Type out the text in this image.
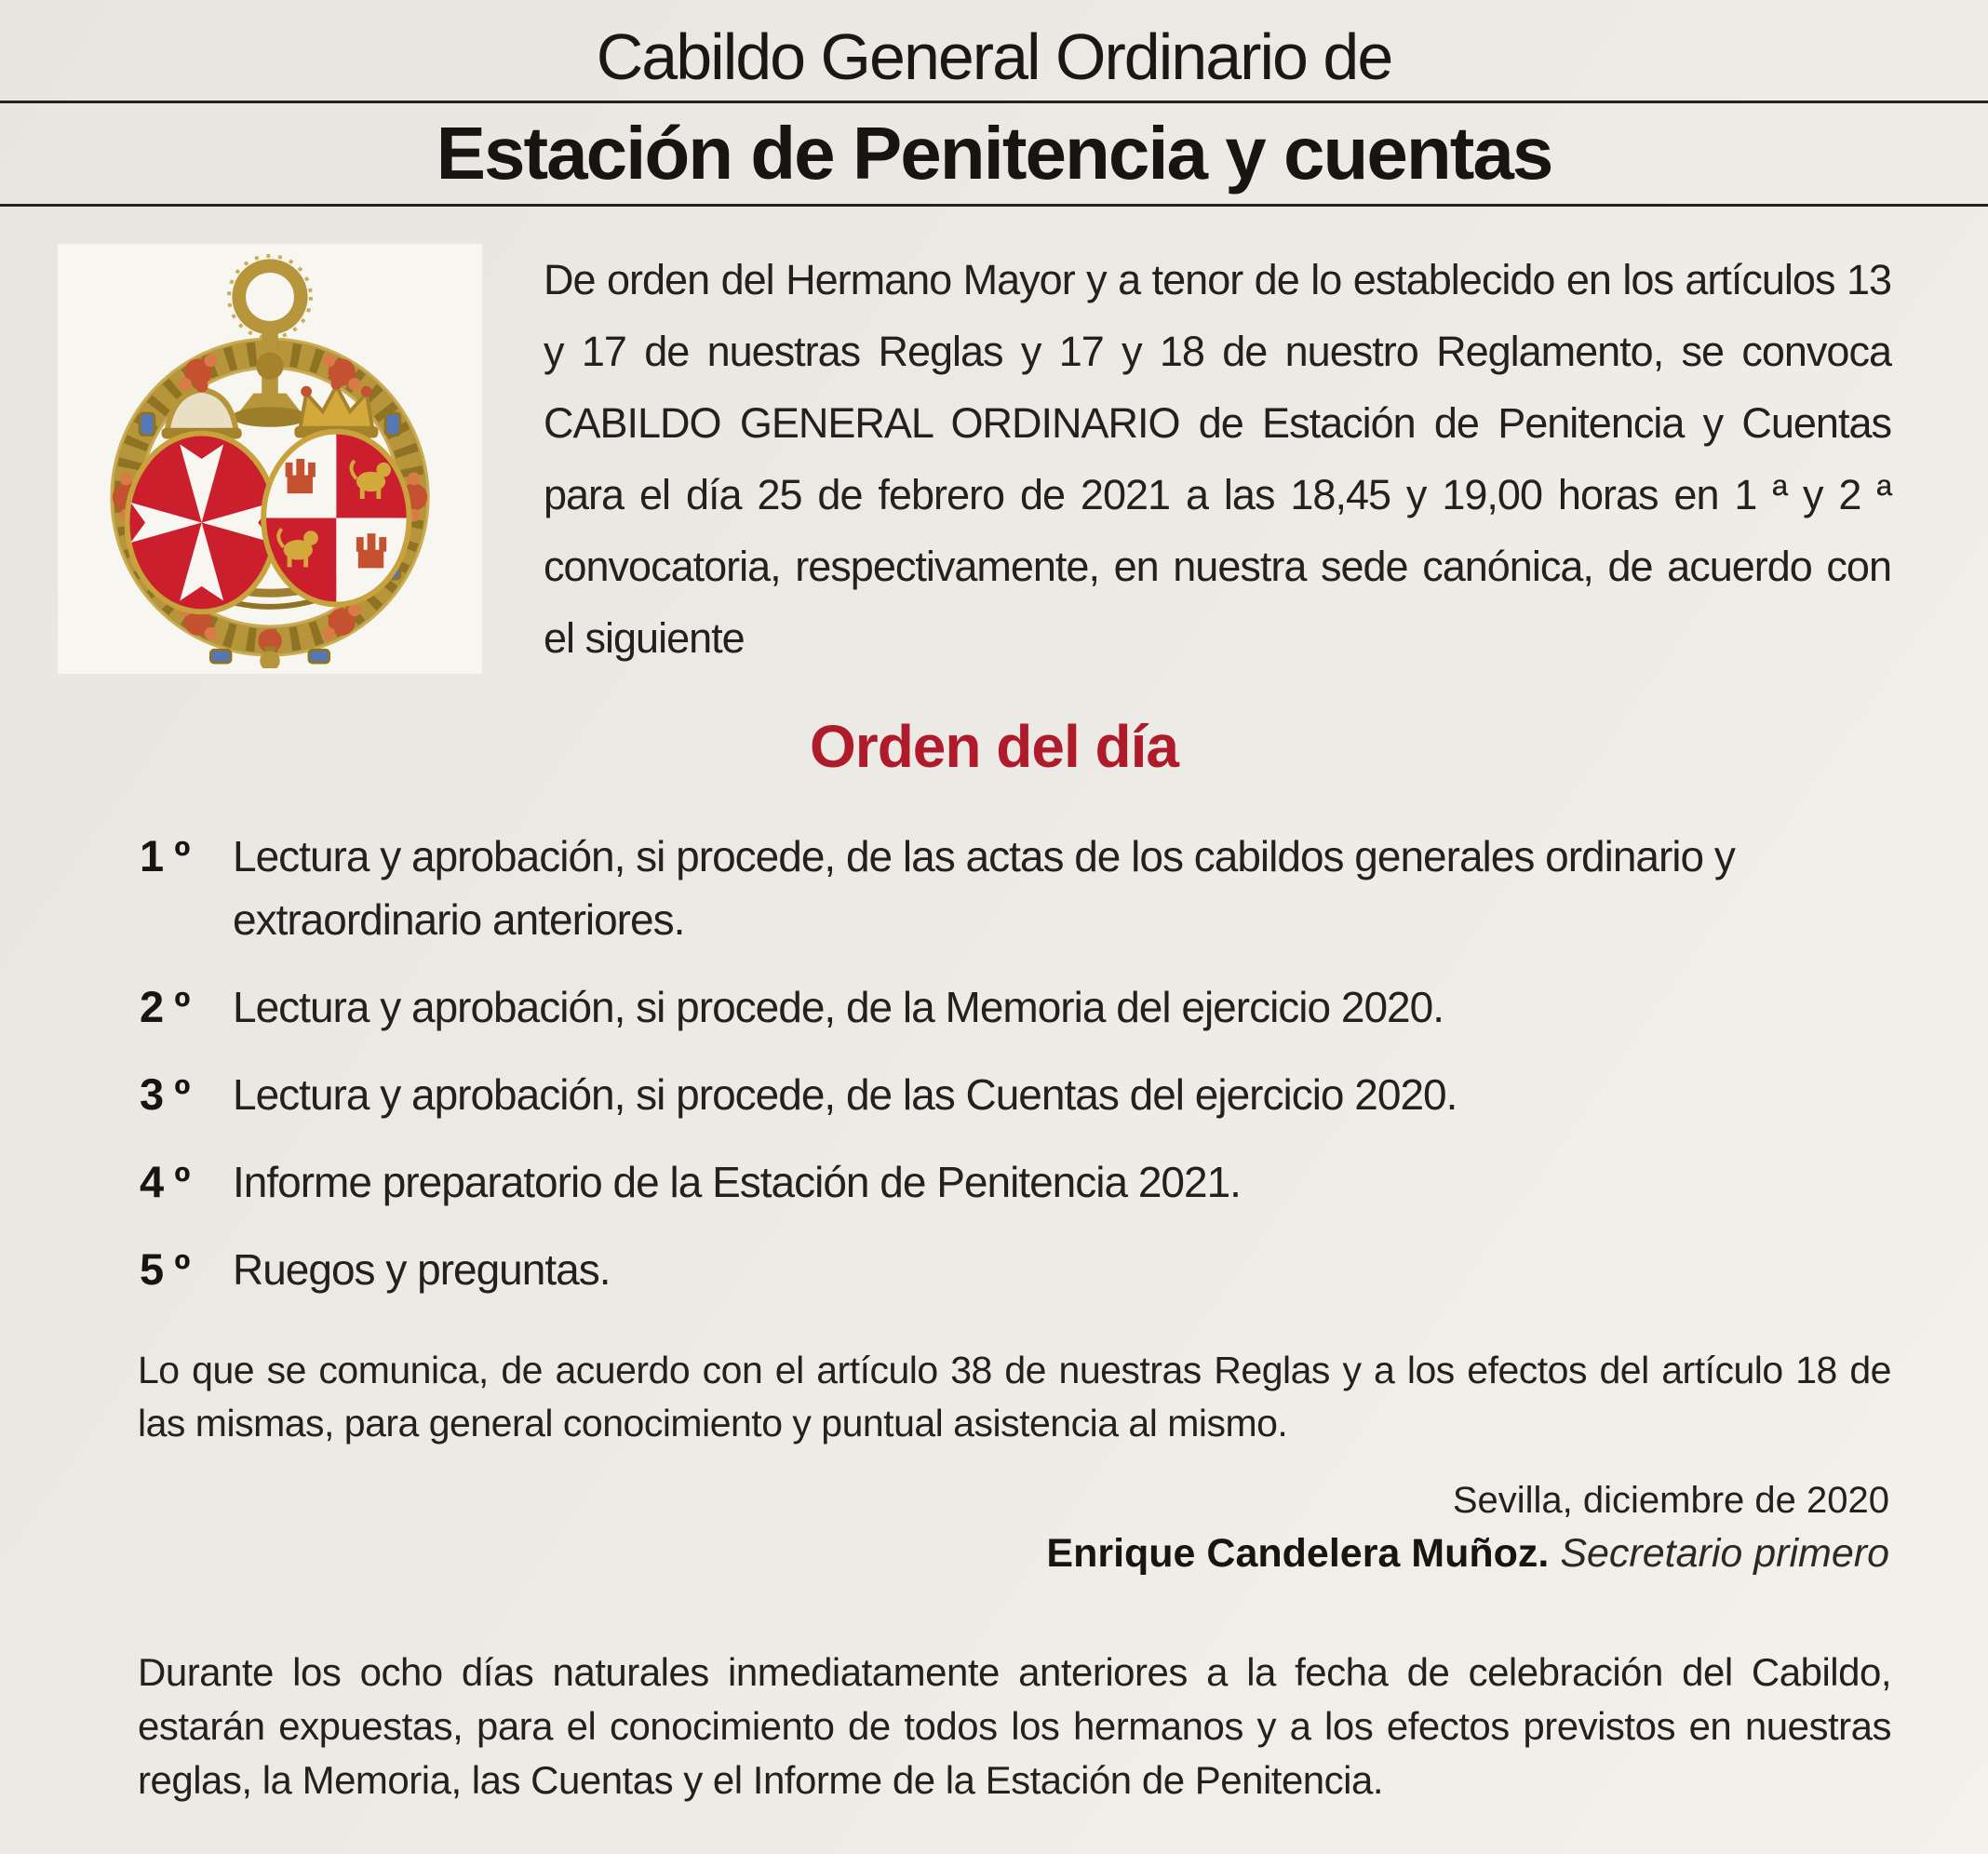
Cabildo General Ordinario de
Estación de Penitencia y cuentas

De orden del Hermano Mayor y a tenor de lo establecido en los artículos 13 y 17 de nuestras Reglas y 17 y 18 de nuestro Reglamento, se convoca CABILDO GENERAL ORDINARIO de Estación de Penitencia y Cuentas para el día 25 de febrero de 2021 a las 18,45 y 19,00 horas en 1 ª y 2 ª convocatoria, respectivamente, en nuestra sede canónica, de acuerdo con el siguiente

Orden del día
1 º	Lectura y aprobación, si procede, de las actas de los cabildos generales ordinario y extraordinario anteriores.
2 º	Lectura y aprobación, si procede, de la Memoria del ejercicio 2020.
3 º	Lectura y aprobación, si procede, de las Cuentas del ejercicio 2020.
4 º	Informe preparatorio de la Estación de Penitencia 2021.
5 º	Ruegos y preguntas.

Lo que se comunica, de acuerdo con el artículo 38 de nuestras Reglas y a los efectos del artículo 18 de las mismas, para general conocimiento y puntual asistencia al mismo.

Sevilla, diciembre de 2020
Enrique Candelera Muñoz. Secretario primero

Durante los ocho días naturales inmediatamente anteriores a la fecha de celebración del Cabildo, estarán expuestas, para el conocimiento de todos los hermanos y a los efectos previstos en nuestras reglas, la Memoria, las Cuentas y el Informe de la Estación de Penitencia.
